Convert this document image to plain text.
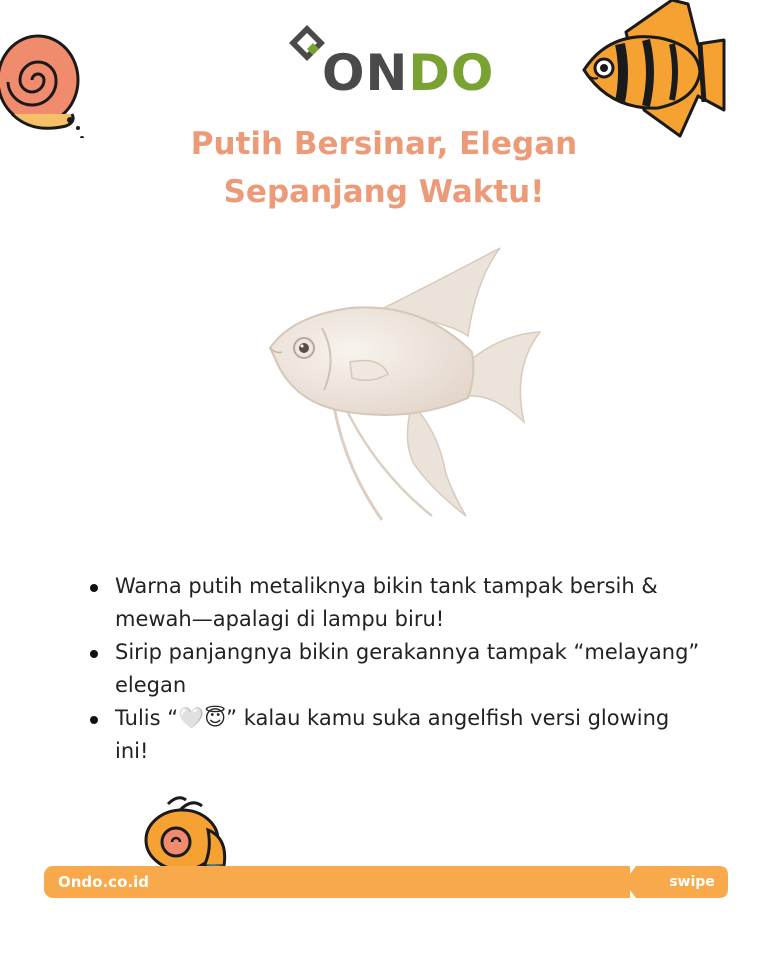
ONDO
Putih Bersinar, Elegan
Sepanjang Waktu!
Warna putih metaliknya bikin tank tampak bersih & mewah—apalagi di lampu biru!
Sirip panjangnya bikin gerakannya tampak “melayang” elegan
Tulis “🤍😇” kalau kamu suka angelfish versi glowing ini!
Ondo.co.id	swipe
